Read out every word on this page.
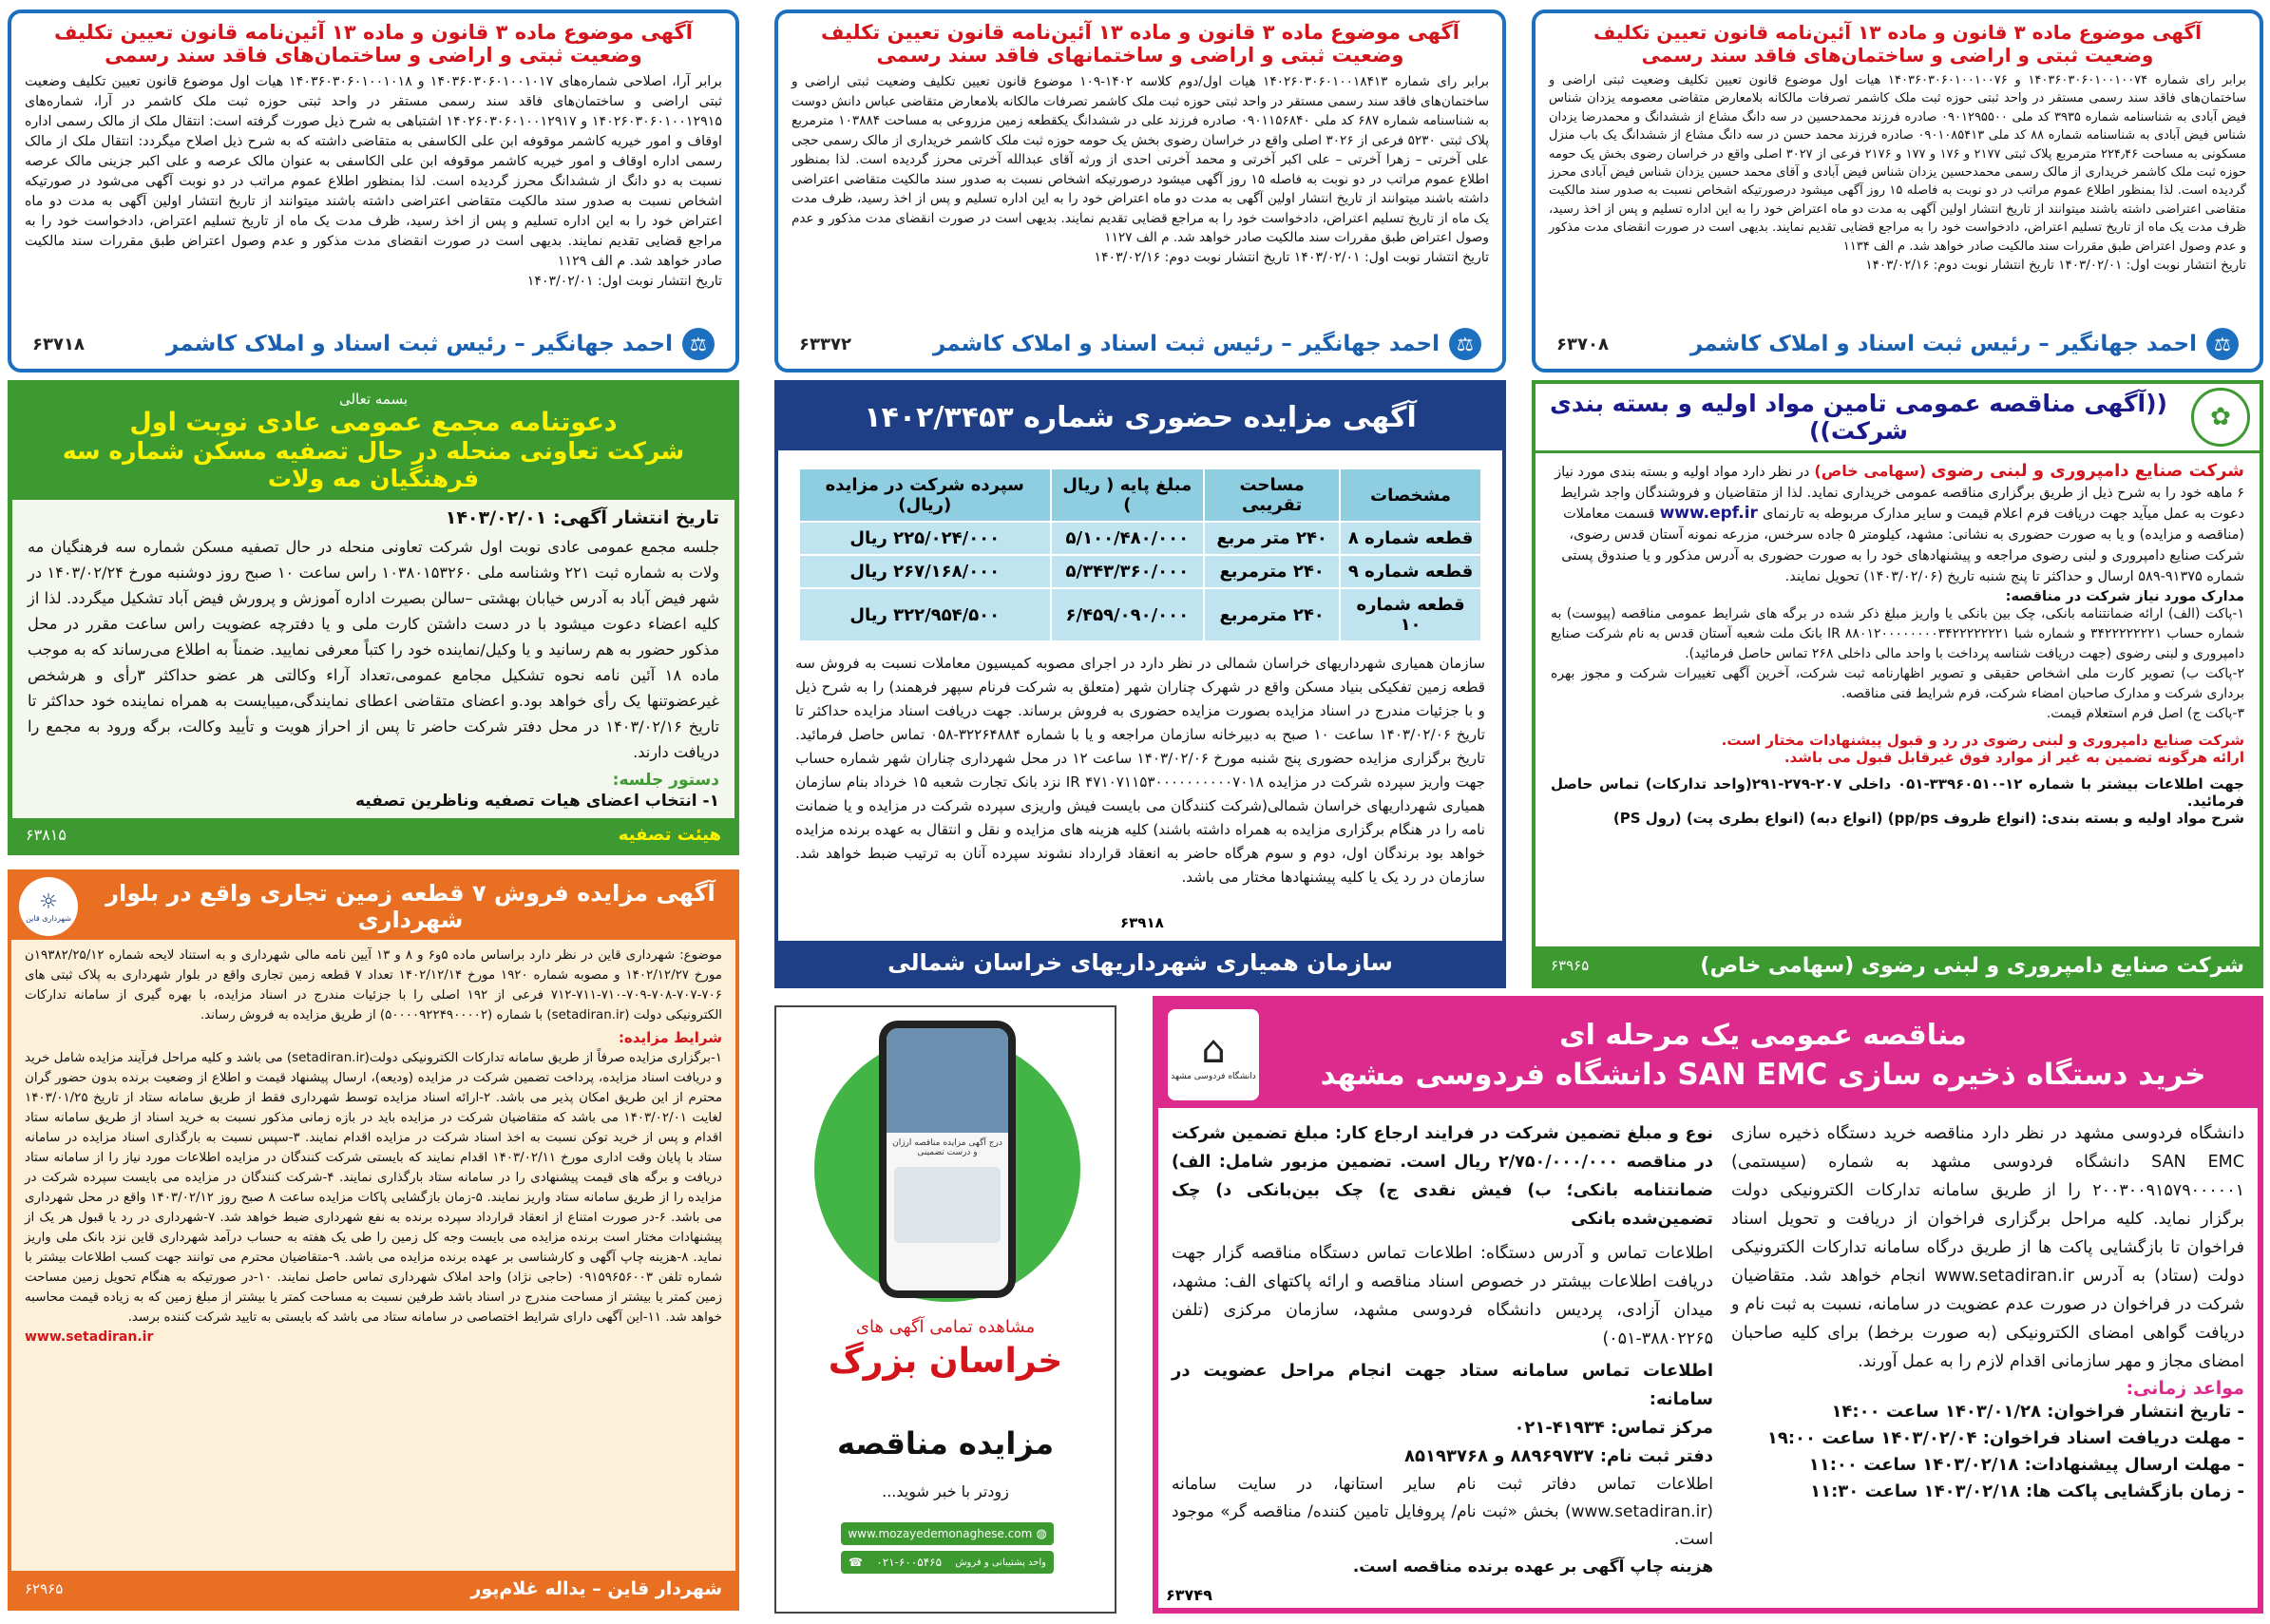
آگهی موضوع ماده ۳ قانون و ماده ۱۳ آئین‌نامه قانون تعیین تکلیف

وضعیت ثبتی و اراضی و ساختمان‌های فاقد سند رسمی

برابر آرا، اصلاحی شماره‌های ۱۴۰۳۶۰۳۰۶۰۱۰۰۱۰۱۷ و ۱۴۰۳۶۰۳۰۶۰۱۰۰۱۰۱۸ هیات اول موضوع قانون تعیین تکلیف وضعیت ثبتی اراضی و ساختمان‌های فاقد سند رسمی مستقر در واحد ثبتی حوزه ثبت ملک کاشمر در آرا، شماره‌های ۱۴۰۲۶۰۳۰۶۰۱۰۰۱۲۹۱۵ و ۱۴۰۲۶۰۳۰۶۰۱۰۰۱۲۹۱۷ اشتباهی به شرح ذیل صورت گرفته است: انتقال ملک از مالک رسمی اداره اوقاف و امور خیریه کاشمر موقوفه ابن علی الکاسفی به متقاضی داشته که به شرح ذیل اصلاح میگردد: انتقال ملک از مالک رسمی اداره اوقاف و امور خیریه کاشمر موقوفه ابن علی الکاسفی به عنوان مالک عرصه و علی اکبر جزینی مالک عرصه نسبت به دو دانگ از ششدانگ محرز گردیده است. لذا بمنظور اطلاع عموم مراتب در دو نوبت آگهی می‌شود در صورتیکه اشخاص نسبت به صدور سند مالکیت متقاضی اعتراضی داشته باشند میتوانند از تاریخ انتشار اولین آگهی به مدت دو ماه اعتراض خود را به این اداره تسلیم و پس از اخذ رسید، ظرف مدت یک ماه از تاریخ تسلیم اعتراض، دادخواست خود را به مراجع قضایی تقدیم نمایند. بدیهی است در صورت انقضای مدت مذکور و عدم وصول اعتراض طبق مقررات سند مالکیت صادر خواهد شد. م الف ۱۱۲۹

تاریخ انتشار نوبت اول: ۱۴۰۳/۰۲/۰۱

⚖
احمد جهانگیر – رئیس ثبت اسناد و املاک کاشمر
۶۳۷۱۸

آگهی موضوع ماده ۳ قانون و ماده ۱۳ آئین‌نامه قانون تعیین تکلیف

وضعیت ثبتی و اراضی و ساختمانهای فاقد سند رسمی

برابر رای شماره ۱۴۰۲۶۰۳۰۶۰۱۰۰۱۸۴۱۳ هیات اول/دوم کلاسه ۱۴۰۲-۱۰۹ موضوع قانون تعیین تکلیف وضعیت ثبتی اراضی و ساختمان‌های فاقد سند رسمی مستقر در واحد ثبتی حوزه ثبت ملک کاشمر تصرفات مالکانه بلامعارض متقاضی عباس دانش دوست به شناسنامه شماره ۶۸۷ کد ملی ۰۹۰۱۱۵۶۸۴۰ صادره فرزند علی در ششدانگ یکقطعه زمین مزروعی به مساحت ۱۰۳۸۸۴ مترمربع پلاک ثبتی ۵۲۳۰ فرعی از ۳۰۲۶ اصلی واقع در خراسان رضوی بخش یک حومه حوزه ثبت ملک کاشمر خریداری از مالک رسمی حجی علی آخرتی – زهرا آخرتی – علی اکبر آخرتی و محمد آخرتی احدی از ورثه آقای عبدالله آخرتی محرز گردیده است. لذا بمنظور اطلاع عموم مراتب در دو نوبت به فاصله ۱۵ روز آگهی میشود درصورتیکه اشخاص نسبت به صدور سند مالکیت متقاضی اعتراضی داشته باشند میتوانند از تاریخ انتشار اولین آگهی به مدت دو ماه اعتراض خود را به این اداره تسلیم و پس از اخذ رسید، ظرف مدت یک ماه از تاریخ تسلیم اعتراض، دادخواست خود را به مراجع قضایی تقدیم نمایند. بدیهی است در صورت انقضای مدت مذکور و عدم وصول اعتراض طبق مقررات سند مالکیت صادر خواهد شد. م الف ۱۱۲۷

تاریخ انتشار نوبت اول: ۱۴۰۳/۰۲/۰۱ تاریخ انتشار نوبت دوم: ۱۴۰۳/۰۲/۱۶

⚖
احمد جهانگیر – رئیس ثبت اسناد و املاک کاشمر
۶۳۳۷۲

آگهی موضوع ماده ۳ قانون و ماده ۱۳ آئین‌نامه قانون تعیین تکلیف

وضعیت ثبتی و اراضی و ساختمان‌های فاقد سند رسمی

برابر رای شماره ۱۴۰۳۶۰۳۰۶۰۱۰۰۱۰۰۷۴ و ۱۴۰۳۶۰۳۰۶۰۱۰۰۱۰۰۷۶ هیات اول موضوع قانون تعیین تکلیف وضعیت ثبتی اراضی و ساختمان‌های فاقد سند رسمی مستقر در واحد ثبتی حوزه ثبت ملک کاشمر تصرفات مالکانه بلامعارض متقاضی معصومه یزدان شناس فیض آبادی به شناسنامه شماره ۳۹۳۵ کد ملی ۰۹۰۱۲۹۵۵۰۰ صادره فرزند محمدحسین در سه دانگ مشاع از ششدانگ و محمدرضا یزدان شناس فیض آبادی به شناسنامه شماره ۸۸ کد ملی ۰۹۰۱۰۸۵۴۱۳ صادره فرزند محمد حسن در سه دانگ مشاع از ششدانگ یک باب منزل مسکونی به مساحت ۲۲۴٫۴۶ مترمربع پلاک ثبتی ۲۱۷۷ و ۱۷۶ و ۱۷۷ و ۲۱۷۶ فرعی از ۳۰۲۷ اصلی واقع در خراسان رضوی بخش یک حومه حوزه ثبت ملک کاشمر خریداری از مالک رسمی محمدحسین یزدان شناس فیض آبادی و آقای محمد حسین یزدان شناس فیض آبادی محرز گردیده است. لذا بمنظور اطلاع عموم مراتب در دو نوبت به فاصله ۱۵ روز آگهی میشود درصورتیکه اشخاص نسبت به صدور سند مالکیت متقاضی اعتراضی داشته باشند میتوانند از تاریخ انتشار اولین آگهی به مدت دو ماه اعتراض خود را به این اداره تسلیم و پس از اخذ رسید، ظرف مدت یک ماه از تاریخ تسلیم اعتراض، دادخواست خود را به مراجع قضایی تقدیم نمایند. بدیهی است در صورت انقضای مدت مذکور و عدم وصول اعتراض طبق مقررات سند مالکیت صادر خواهد شد. م الف ۱۱۳۴

تاریخ انتشار نوبت اول: ۱۴۰۳/۰۲/۰۱ تاریخ انتشار نوبت دوم: ۱۴۰۳/۰۲/۱۶

⚖
احمد جهانگیر – رئیس ثبت اسناد و املاک کاشمر
۶۳۷۰۸

بسمه تعالی

دعوتنامه مجمع عمومی عادی نوبت اول

شرکت تعاونی منحله در حال تصفیه مسکن شماره سه فرهنگیان مه ولات

تاریخ انتشار آگهی: ۱۴۰۳/۰۲/۰۱

جلسه مجمع عمومی عادی نوبت اول شرکت تعاونی منحله در حال تصفیه مسکن شماره سه فرهنگیان مه ولات به شماره ثبت ۲۲۱ وشناسه ملی ۱۰۳۸۰۱۵۳۲۶۰ راس ساعت ۱۰ صبح روز دوشنبه مورخ ۱۴۰۳/۰۲/۲۴ در شهر فیض آباد به آدرس خیابان بهشتی –سالن بصیرت اداره آموزش و پرورش فیض آباد تشکیل میگردد. لذا از کلیه اعضاء دعوت میشود با در دست داشتن کارت ملی و یا دفترچه عضویت راس ساعت مقرر در محل مذکور حضور به هم رسانید و یا وکیل/نماینده خود را کتباً معرفی نمایید. ضمناً به اطلاع می‌رساند که به موجب ماده ۱۸ آئین نامه نحوه تشکیل مجامع عمومی،تعداد آراء وکالتی هر عضو حداکثر ۳رأی و هرشخص غیرعضوتنها یک رأی خواهد بود.و اعضای متقاضی اعطای نمایندگی،میبایست به همراه نماینده خود حداکثر تا تاریخ ۱۴۰۳/۰۲/۱۶ در محل دفتر شرکت حاضر تا پس از احراز هویت و تأیید وکالت، برگه ورود به مجمع را دریافت دارند.

دستور جلسه:

۱- انتخاب اعضای هیات تصفیه وناظرین تصفیه

هیئت تصفیه
۶۳۸۱۵

آگهی مزایده حضوری شماره ۱۴۰۲/۳۴۵۳

مشخصات	مساحت تقریبی	مبلغ پایه ( ریال )	سپرده شرکت در مزایده (ریال)
قطعه شماره ۸	۲۴۰ متر مربع	۵/۱۰۰/۴۸۰/۰۰۰	۲۲۵/۰۲۴/۰۰۰ ریال
قطعه شماره ۹	۲۴۰ مترمربع	۵/۳۴۳/۳۶۰/۰۰۰	۲۶۷/۱۶۸/۰۰۰ ریال
قطعه شماره ۱۰	۲۴۰ مترمربع	۶/۴۵۹/۰۹۰/۰۰۰	۳۲۲/۹۵۴/۵۰۰ ریال

سازمان همیاری شهرداریهای خراسان شمالی در نظر دارد در اجرای مصوبه کمیسیون معاملات نسبت به فروش سه قطعه زمین تفکیکی بنیاد مسکن واقع در شهرک چناران شهر (متعلق به شرکت فرنام سپهر فرهمند) را به شرح ذیل و با جزئیات مندرج در اسناد مزایده بصورت مزایده حضوری به فروش برساند. جهت دریافت اسناد مزایده حداکثر تا تاریخ ۱۴۰۳/۰۲/۰۶ ساعت ۱۰ صبح به دبیرخانه سازمان مراجعه و یا با شماره ۳۲۲۶۴۸۸۴-۰۵۸ تماس حاصل فرمائید. تاریخ برگزاری مزایده حضوری پنج شنبه مورخ ۱۴۰۳/۰۲/۰۶ ساعت ۱۲ در محل شهرداری چناران شهر شماره حساب جهت واریز سپرده شرکت در مزایده ۴۷۱۰۷۱۱۵۳۰۰۰۰۰۰۰۰۰۰۷۰۱۸ IR نزد بانک تجارت شعبه ۱۵ خرداد بنام سازمان همیاری شهرداریهای خراسان شمالی(شرکت کنندگان می بایست فیش واریزی سپرده شرکت در مزایده و یا ضمانت نامه را در هنگام برگزاری مزایده به همراه داشته باشند) کلیه هزینه های مزایده و نقل و انتقال به عهده برنده مزایده خواهد بود برندگان اول، دوم و سوم هرگاه حاضر به انعقاد قرارداد نشوند سپرده آنان به ترتیب ضبط خواهد شد. سازمان در رد یک یا کلیه پیشنهادها مختار می باشد.

۶۳۹۱۸
سازمان همیاری شهرداریهای خراسان شمالی
✿

((آگهی مناقصه عمومی تامین مواد اولیه و بسته بندی شرکت))

شرکت صنایع دامپروری و لبنی رضوی (سهامی خاص) در نظر دارد مواد اولیه و بسته بندی مورد نیاز ۶ ماهه خود را به شرح ذیل از طریق برگزاری مناقصه عمومی خریداری نماید. لذا از متقاضیان و فروشندگان واجد شرایط دعوت به عمل میآید جهت دریافت فرم اعلام قیمت و سایر مدارک مربوطه به تارنمای www.epf.ir قسمت معاملات (مناقصه و مزایده) و یا به صورت حضوری به نشانی: مشهد، کیلومتر ۵ جاده سرخس، مزرعه نمونه آستان قدس رضوی، شرکت صنایع دامپروری و لبنی رضوی مراجعه و پیشنهادهای خود را به صورت حضوری به آدرس مذکور و یا صندوق پستی شماره ۹۱۳۷۵-۵۸۹ ارسال و حداکثر تا پنج شنبه تاریخ (۱۴۰۳/۰۲/۰۶) تحویل نمایند.

مدارک مورد نیاز شرکت در مناقصه:

۱-پاکت (الف) ارائه ضمانتنامه بانکی، چک بین بانکی یا واریز مبلغ ذکر شده در برگه های شرایط عمومی مناقصه (پیوست) به شماره حساب ۳۴۲۲۲۲۲۲۲۱ و شماره شبا IR ۸۸۰۱۲۰۰۰۰۰۰۰۰۳۴۲۲۲۲۲۲۲۱ بانک ملت شعبه آستان قدس به نام شرکت صنایع دامپروری و لبنی رضوی (جهت دریافت شناسه پرداخت با واحد مالی داخلی ۲۶۸ تماس حاصل فرمائید).

۲-پاکت ب) تصویر کارت ملی اشخاص حقیقی و تصویر اظهارنامه ثبت شرکت، آخرین آگهی تغییرات شرکت و مجوز بهره برداری شرکت و مدارک صاحبان امضاء شرکت، فرم شرایط فنی مناقصه.

۳-پاکت ج) اصل فرم استعلام قیمت.

شرکت صنایع دامپروری و لبنی رضوی در رد و قبول پیشنهادات مختار است.

ارائه هرگونه تضمین به غیر از موارد فوق غیرقابل قبول می باشد.

جهت اطلاعات بیشتر با شماره ۱۲-۳۳۹۶۰۵۱۰-۰۵۱ داخلی ۲۰۷-۲۷۹-۲۹۱(واحد تدارکات) تماس حاصل فرمائید.

شرح مواد اولیه و بسته بندی: (انواع ظروف pp/ps) (انواع دبه) (انواع بطری پت) (رول PS)

شرکت صنایع دامپروری و لبنی رضوی (سهامی خاص)
۶۳۹۶۵

آگهی مزایده فروش ۷ قطعه زمین تجاری واقع در بلوار شهرداری

☼
شهرداری قاین

موضوع: شهرداری قاین در نظر دارد براساس ماده ۵و۶ و ۸ و ۱۳ آیین نامه مالی شهرداری و به استناد لایحه شماره ۱۹۳۸۲/۲۵/۱۲ن مورخ ۱۴۰۲/۱۲/۲۷ و مصوبه شماره ۱۹۲۰ مورخ ۱۴۰۲/۱۲/۱۴ تعداد ۷ قطعه زمین تجاری واقع در بلوار شهرداری به پلاک ثبتی های ۷۰۶-۷۰۷-۷۰۸-۷۰۹-۷۱۰-۷۱۱-۷۱۲ فرعی از ۱۹۲ اصلی را با جزئیات مندرج در اسناد مزایده، با بهره گیری از سامانه تدارکات الکترونیکی دولت (setadiran.ir) با شماره (۵۰۰۰۰۹۲۲۴۹۰۰۰۰۲) از طریق مزایده به فروش رساند.

شرایط مزایده:

۱-برگزاری مزایده صرفاً از طریق سامانه تدارکات الکترونیکی دولت(setadiran.ir) می باشد و کلیه مراحل فرآیند مزایده شامل خرید و دریافت اسناد مزایده، پرداخت تضمین شرکت در مزایده (ودیعه)، ارسال پیشنهاد قیمت و اطلاع از وضعیت برنده بدون حضور گران محترم از این طریق امکان پذیر می باشد. ۲-ارائه اسناد مزایده توسط شهرداری فقط از طریق سامانه ستاد از تاریخ ۱۴۰۳/۰۱/۲۵ لغایت ۱۴۰۳/۰۲/۰۱ می باشد که متقاضیان شرکت در مزایده باید در بازه زمانی مذکور نسبت به خرید اسناد از طریق سامانه ستاد اقدام و پس از خرید توکن نسبت به اخذ اسناد شرکت در مزایده اقدام نمایند. ۳-سپس نسبت به بارگذاری اسناد مزایده در سامانه ستاد با پایان وقت اداری مورخ ۱۴۰۳/۰۲/۱۱ اقدام نمایند که بایستی شرکت کنندگان در مزایده اطلاعات مورد نیاز را از سامانه ستاد دریافت و برگه های قیمت پیشنهادی را در سامانه ستاد بارگذاری نمایند. ۴-شرکت کنندگان در مزایده می بایست سپرده شرکت در مزایده را از طریق سامانه ستاد واریز نمایند. ۵-زمان بازگشایی پاکات مزایده ساعت ۸ صبح روز ۱۴۰۳/۰۲/۱۲ واقع در محل شهرداری می باشد. ۶-در صورت امتناع از انعقاد قرارداد سپرده برنده به نفع شهرداری ضبط خواهد شد. ۷-شهرداری در رد یا قبول هر یک از پیشنهادات مختار است برنده مزایده می بایست وجه کل زمین را طی یک هفته به حساب درآمد شهرداری قاین نزد بانک ملی واریز نماید. ۸-هزینه چاپ آگهی و کارشناسی بر عهده برنده مزایده می باشد. ۹-متقاضیان محترم می توانند جهت کسب اطلاعات بیشتر با شماره تلفن ۰۹۱۵۹۶۵۶۰۰۳ (حاجی نژاد) واحد املاک شهرداری تماس حاصل نمایند. ۱۰-در صورتیکه به هنگام تحویل زمین مساحت زمین کمتر یا بیشتر از مساحت مندرج در اسناد باشد طرفین نسبت به مساحت کمتر یا بیشتر از مبلغ زمین که به زیاده قیمت محاسبه خواهد شد. ۱۱-این آگهی دارای شرایط اختصاصی در سامانه ستاد می باشد که بایستی به تایید شرکت کننده برسد.

www.setadiran.ir

شهردار قاین – یداله غلام‌پور
۶۲۹۶۵
درج آگهی مزایده مناقصه ارزان و درست تضمینی

مشاهده تمامی آگهی های

خراسان بزرگ

مزایده مناقصه

زودتر با خبر شوید...

◍
www.mozayedemonaghese.com
واحد پشتیبانی و فروش
۰۲۱-۶۰۰۵۴۶۵
☎

مناقصه عمومی یک مرحله ای

خرید دستگاه ذخیره سازی SAN EMC دانشگاه فردوسی مشهد

⌂
دانشگاه فردوسی مشهد

دانشگاه فردوسی مشهد در نظر دارد مناقصه خرید دستگاه ذخیره سازی SAN EMC دانشگاه فردوسی مشهد به شماره (سیستمی) ۲۰۰۳۰۰۹۱۵۷۹۰۰۰۰۰۱ را از طریق سامانه تدارکات الکترونیکی دولت برگزار نماید. کلیه مراحل برگزاری فراخوان از دریافت و تحویل اسناد فراخوان تا بازگشایی پاکت ها از طریق درگاه سامانه تدارکات الکترونیکی دولت (ستاد) به آدرس www.setadiran.ir انجام خواهد شد. متقاضیان شرکت در فراخوان در صورت عدم عضویت در سامانه، نسبت به ثبت نام و دریافت گواهی امضای الکترونیکی (به صورت برخط) برای کلیه صاحبان امضای مجاز و مهر سازمانی اقدام لازم را به عمل آورند.

مواعد زمانی:

- تاریخ انتشار فراخوان: ۱۴۰۳/۰۱/۲۸ ساعت ۱۴:۰۰

- مهلت دریافت اسناد فراخوان: ۱۴۰۳/۰۲/۰۴ ساعت ۱۹:۰۰

- مهلت ارسال پیشنهادات: ۱۴۰۳/۰۲/۱۸ ساعت ۱۱:۰۰

- زمان بازگشایی پاکت ها: ۱۴۰۳/۰۲/۱۸ ساعت ۱۱:۳۰

نوع و مبلغ تضمین شرکت در فرایند ارجاع کار: مبلغ تضمین شرکت در مناقصه ۲/۷۵۰/۰۰۰/۰۰۰ ریال است. تضمین مزبور شامل: الف) ضمانتنامه بانکی؛ ب) فیش نقدی ج) چک بین‌بانکی د) چک تضمین‌شده بانکی

اطلاعات تماس و آدرس دستگاه: اطلاعات تماس دستگاه مناقصه گزار جهت دریافت اطلاعات بیشتر در خصوص اسناد مناقصه و ارائه پاکتهای الف: مشهد، میدان آزادی، پردیس دانشگاه فردوسی مشهد، سازمان مرکزی (تلفن ۳۸۸۰۲۲۶۵-۰۵۱)

اطلاعات تماس سامانه ستاد جهت انجام مراحل عضویت در سامانه:

مرکز تماس: ۴۱۹۳۴-۰۲۱

دفتر ثبت نام: ۸۸۹۶۹۷۳۷ و ۸۵۱۹۳۷۶۸

اطلاعات تماس دفاتر ثبت نام سایر استانها، در سایت سامانه (www.setadiran.ir) بخش «ثبت نام/ پروفایل تامین کننده/ مناقصه گر» موجود است.

هزینه چاپ آگهی بر عهده برنده مناقصه است.

۶۳۷۴۹
